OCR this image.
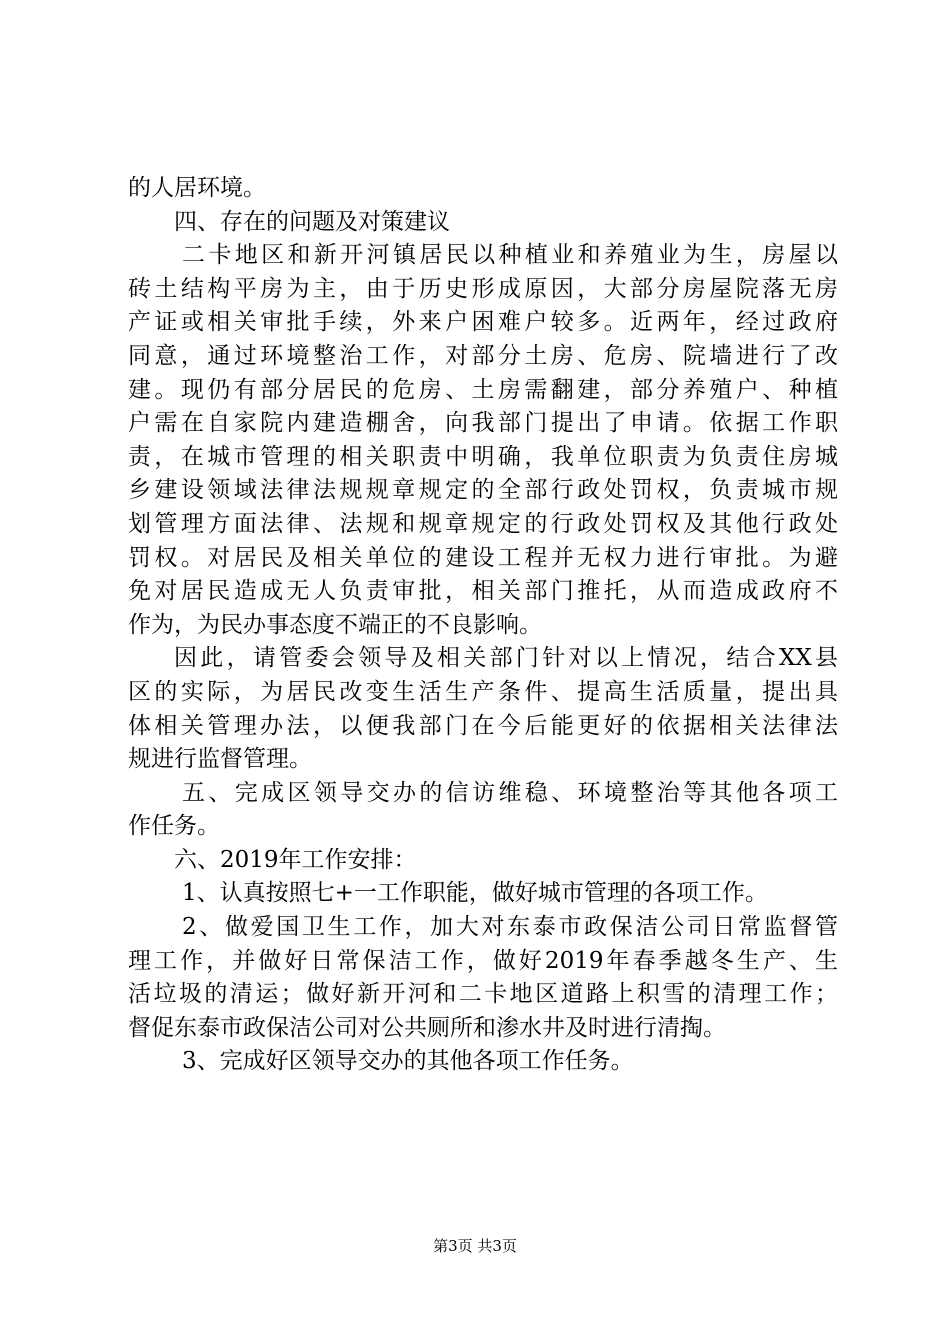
的人居环境。
四、存在的问题及对策建议
二卡地区和新开河镇居民以种植业和养殖业为生，房屋以
砖土结构平房为主，由于历史形成原因，大部分房屋院落无房
产证或相关审批手续，外来户困难户较多。近两年，经过政府
同意，通过环境整治工作，对部分土房、危房、院墙进行了改
建。现仍有部分居民的危房、土房需翻建，部分养殖户、种植
户需在自家院内建造棚舍，向我部门提出了申请。依据工作职
责，在城市管理的相关职责中明确，我单位职责为负责住房城
乡建设领域法律法规规章规定的全部行政处罚权，负责城市规
划管理方面法律、法规和规章规定的行政处罚权及其他行政处
罚权。对居民及相关单位的建设工程并无权力进行审批。为避
免对居民造成无人负责审批，相关部门推托，从而造成政府不
作为，为民办事态度不端正的不良影响。
因此，请管委会领导及相关部门针对以上情况，结合XX县
区的实际，为居民改变生活生产条件、提高生活质量，提出具
体相关管理办法，以便我部门在今后能更好的依据相关法律法
规进行监督管理。
五、完成区领导交办的信访维稳、环境整治等其他各项工
作任务。
六、2019年工作安排：
1、认真按照七+一工作职能，做好城市管理的各项工作。
2、做爱国卫生工作，加大对东泰市政保洁公司日常监督管
理工作，并做好日常保洁工作，做好2019年春季越冬生产、生
活垃圾的清运；做好新开河和二卡地区道路上积雪的清理工作；
督促东泰市政保洁公司对公共厕所和渗水井及时进行清掏。
3、完成好区领导交办的其他各项工作任务。
第3页 共3页
